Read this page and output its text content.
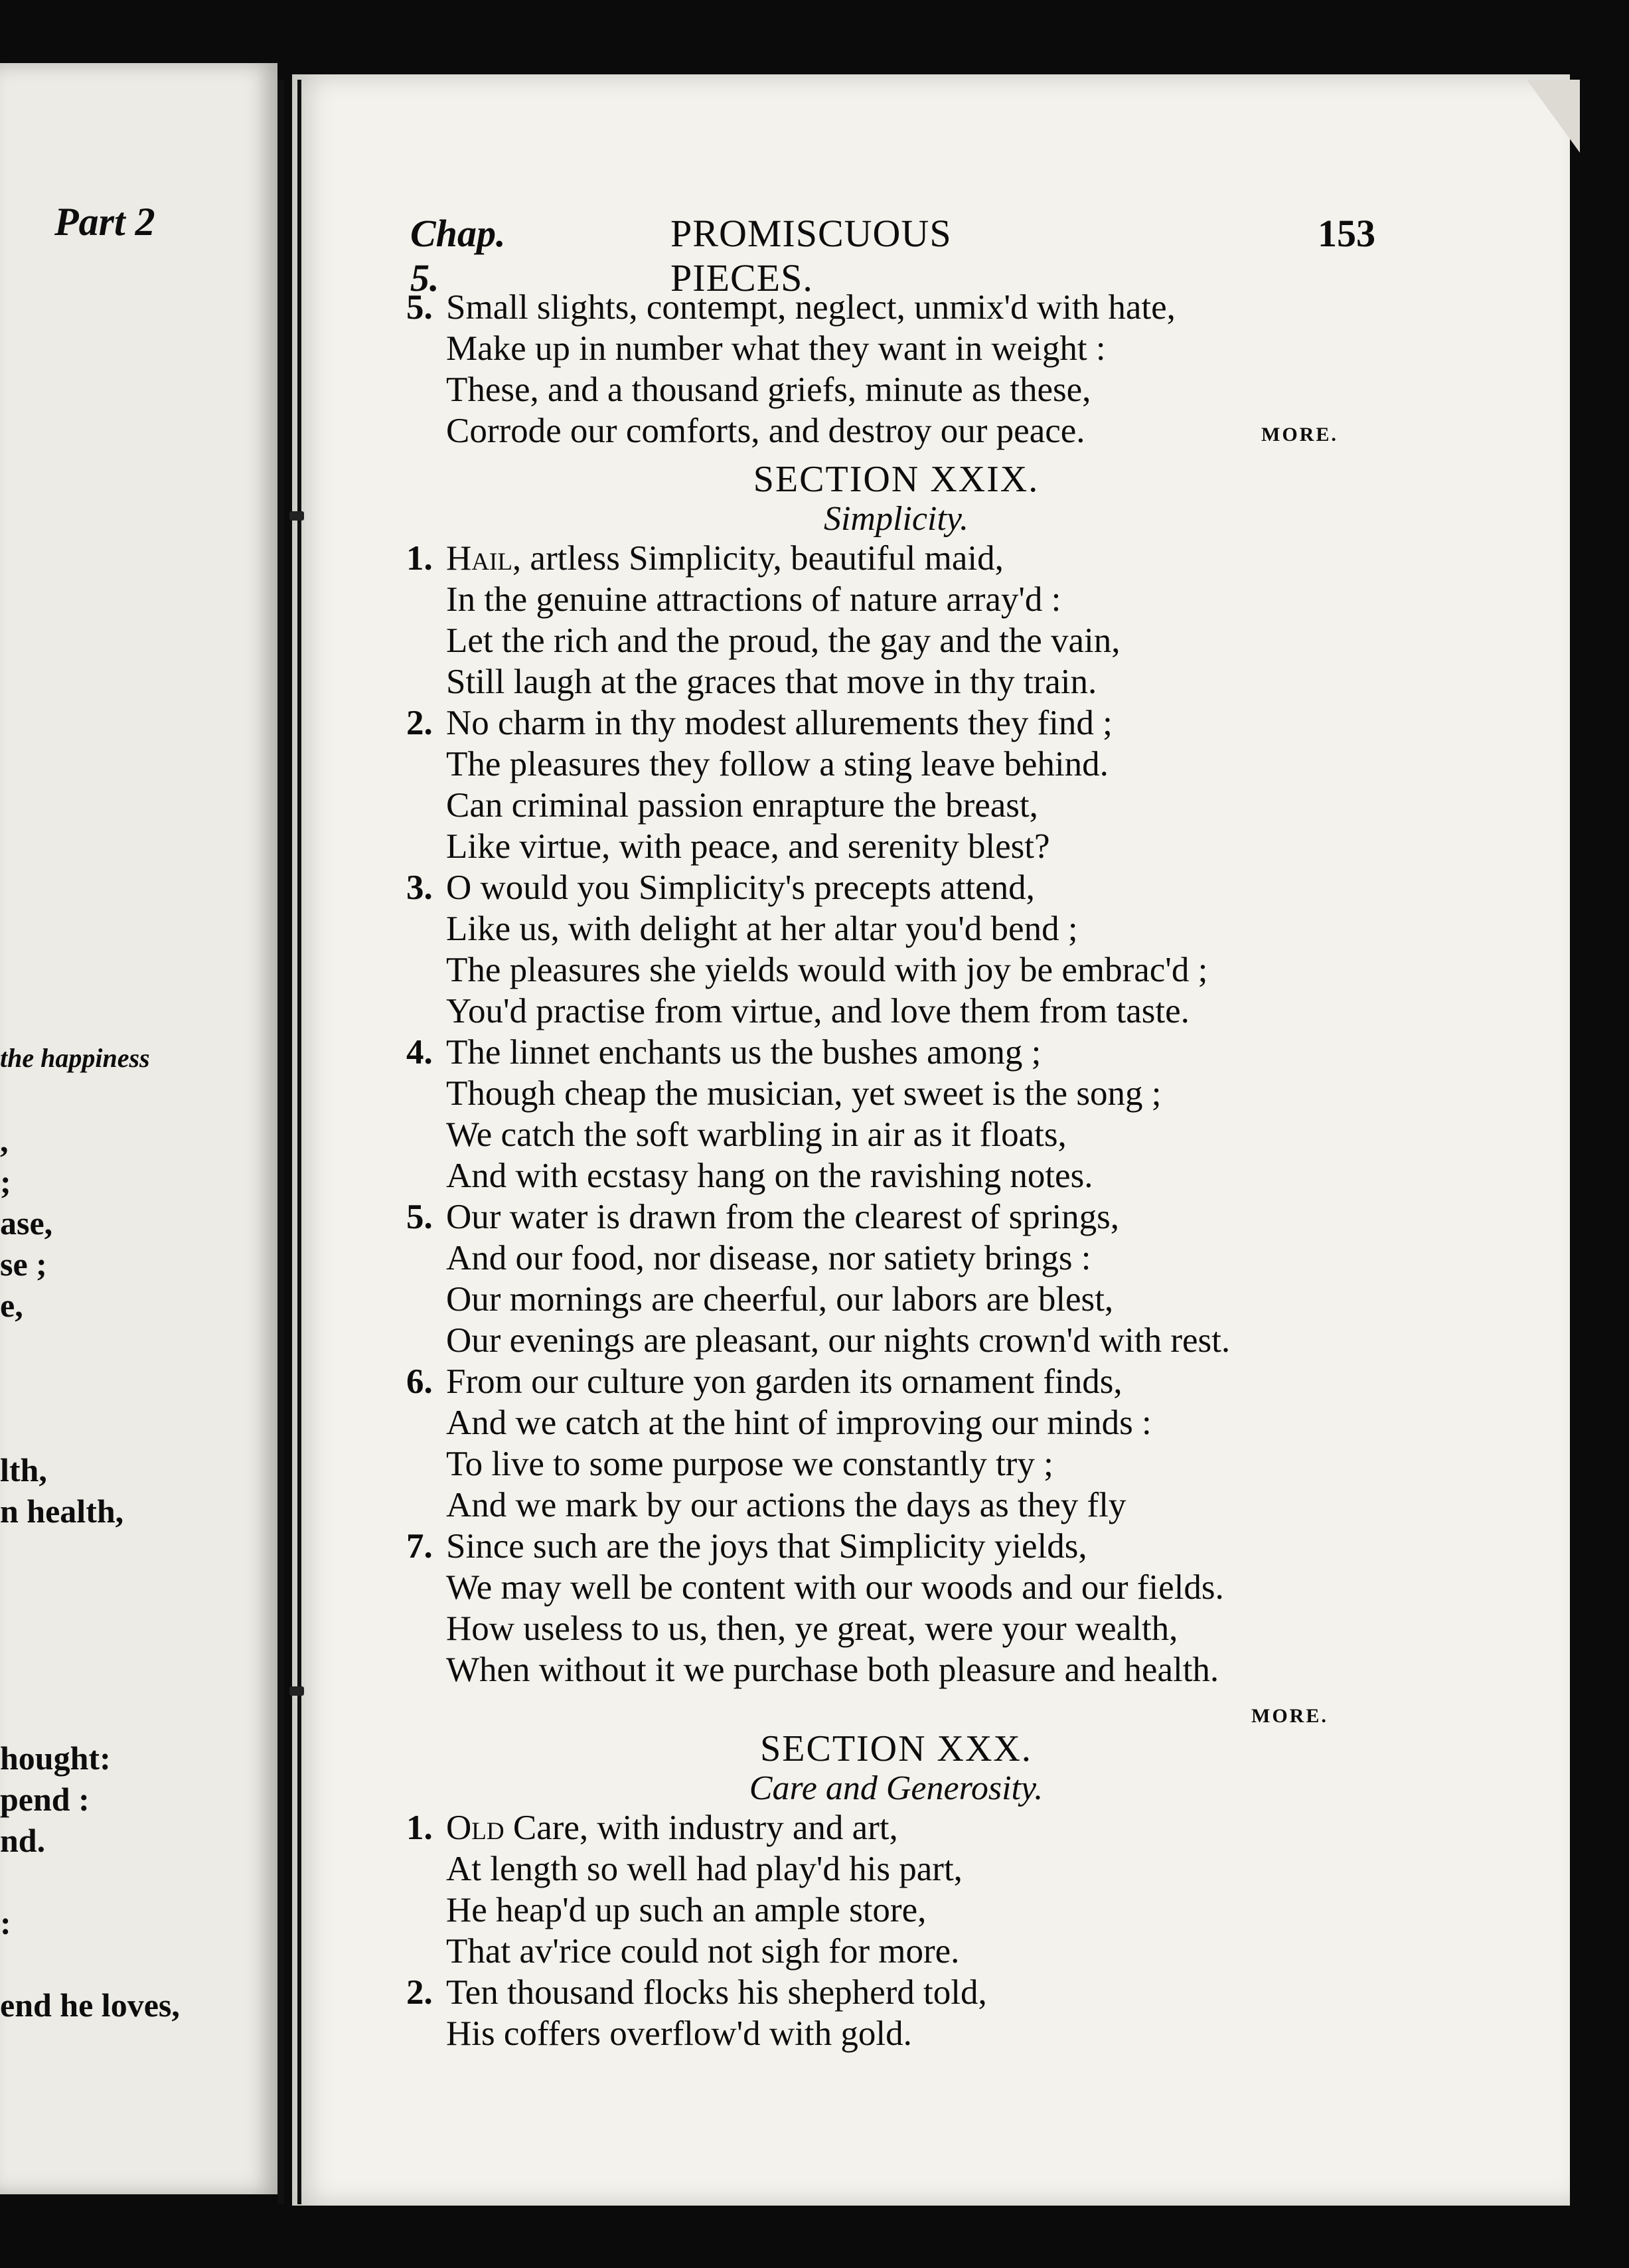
Part 2
the happiness
,
;
ase,
se ;
e,
lth,
n health,
hought:
pend :
nd.
:
end he loves,
Chap. 5.
PROMISCUOUS PIECES.
153
5. Small slights, contempt, neglect, unmix'd with hate,
Make up in number what they want in weight :
These, and a thousand griefs, minute as these,
Corrode our comforts, and destroy our peace.	MORE.
SECTION XXIX.
Simplicity.
1. Hail, artless Simplicity, beautiful maid,
In the genuine attractions of nature array'd :
Let the rich and the proud, the gay and the vain,
Still laugh at the graces that move in thy train.
2. No charm in thy modest allurements they find ;
The pleasures they follow a sting leave behind.
Can criminal passion enrapture the breast,
Like virtue, with peace, and serenity blest?
3. O would you Simplicity's precepts attend,
Like us, with delight at her altar you'd bend ;
The pleasures she yields would with joy be embrac'd ;
You'd practise from virtue, and love them from taste.
4. The linnet enchants us the bushes among ;
Though cheap the musician, yet sweet is the song ;
We catch the soft warbling in air as it floats,
And with ecstasy hang on the ravishing notes.
5. Our water is drawn from the clearest of springs,
And our food, nor disease, nor satiety brings :
Our mornings are cheerful, our labors are blest,
Our evenings are pleasant, our nights crown'd with rest.
6. From our culture yon garden its ornament finds,
And we catch at the hint of improving our minds :
To live to some purpose we constantly try ;
And we mark by our actions the days as they fly
7. Since such are the joys that Simplicity yields,
We may well be content with our woods and our fields.
How useless to us, then, ye great, were your wealth,
When without it we purchase both pleasure and health.
MORE.
SECTION XXX.
Care and Generosity.
1. Old Care, with industry and art,
At length so well had play'd his part,
He heap'd up such an ample store,
That av'rice could not sigh for more.
2. Ten thousand flocks his shepherd told,
His coffers overflow'd with gold.
